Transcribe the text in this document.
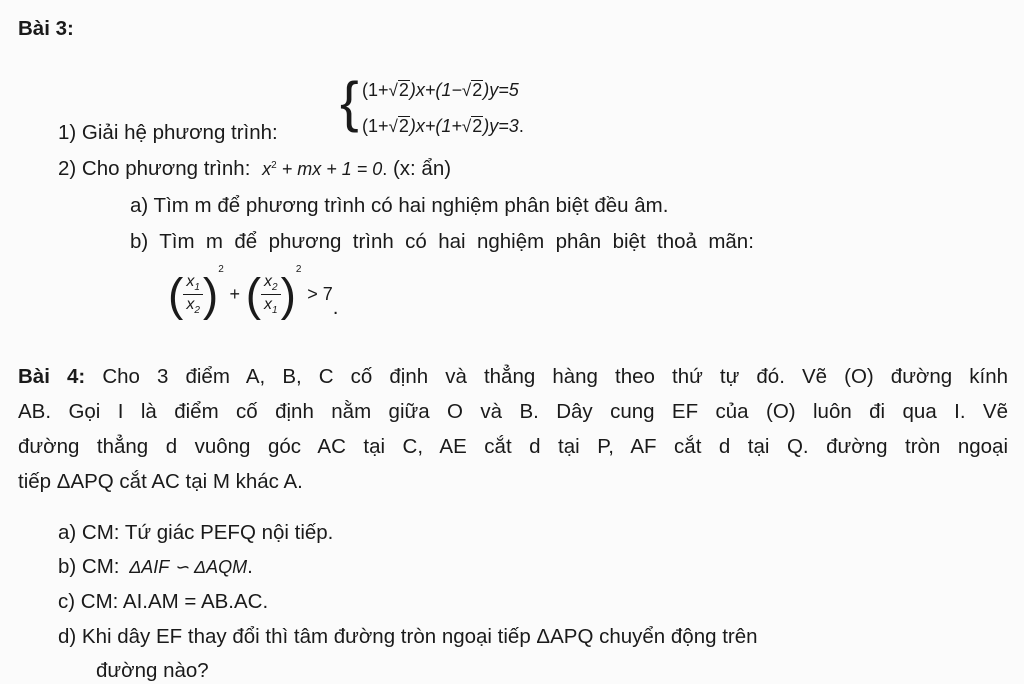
Bài 3:
{ (1+√2)x+(1−√2)y=5
(1+√2)x+(1+√2)y=3.
1) Giải hệ phương trình:
2) Cho phương trình: $x^2$ + mx + 1 = 0. (x: ẩn)
a) Tìm m để phương trình có hai nghiệm phân biệt đều âm.
b)  Tìm  m  để  phương  trình  có  hai  nghiệm  phân  biệt  thoả  mãn:
( $\frac{x_1}{x_2} )^2$ + ( $\frac{x_2}{x_1} )^2 > 7$.
Bài 4: Cho 3 điểm A, B, C cố định và thẳng hàng theo thứ tự đó. Vẽ (O) đường kính
AB. Gọi I là điểm cố định nằm giữa O và B. Dây cung EF của (O) luôn đi qua I. Vẽ
đường thẳng d vuông góc AC tại C, AE cắt d tại P, AF cắt d tại Q. đường tròn ngoại
tiếp ΔAPQ cắt AC tại M khác A.
a) CM: Tứ giác PEFQ nội tiếp.
b) CM: ΔAIF ∽ ΔAQM.
c) CM: AI.AM = AB.AC.
d) Khi dây EF thay đổi thì tâm đường tròn ngoại tiếp ΔAPQ chuyển động trên
đường nào?
